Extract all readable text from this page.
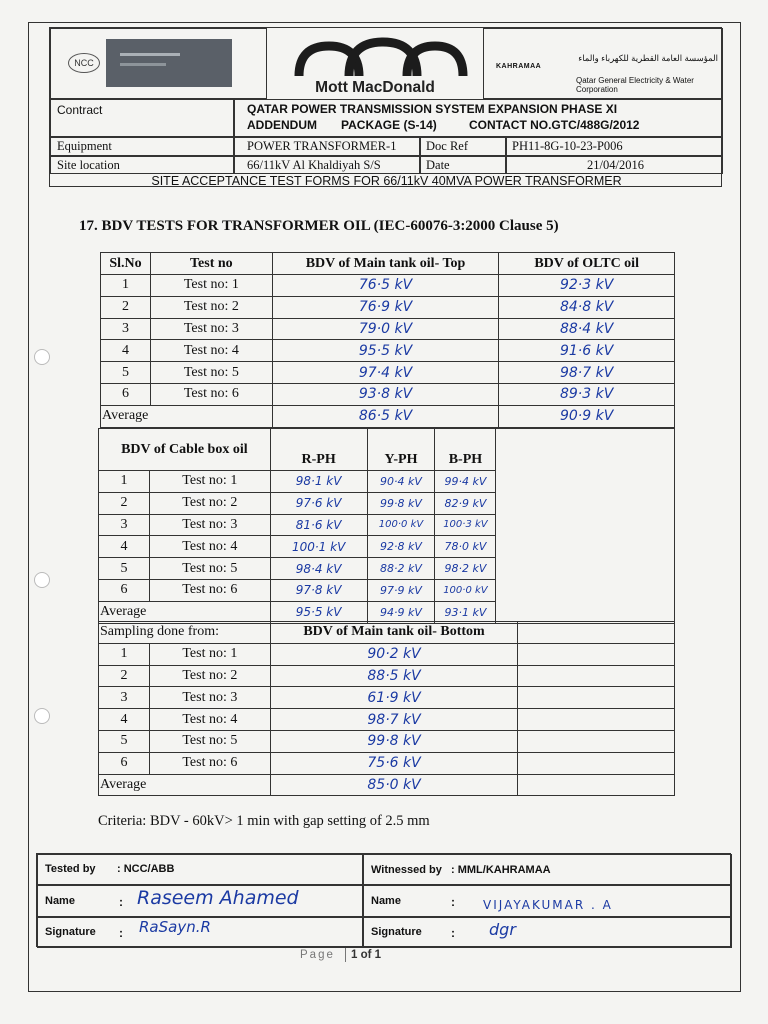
NCC
Mott MacDonald
KAHRAMAA
المؤسسة العامة القطرية للكهرباء والماء
Qatar General Electricity & Water Corporation
Contract	QATAR POWER TRANSMISSION SYSTEM EXPANSION PHASE XI
ADDENDUM PACKAGE (S-14)	CONTACT NO.GTC/488G/2012
Equipment	POWER TRANSFORMER-1 Doc Ref	PH11-8G-10-23-P006
Site location	66/11kV Al Khaldiyah S/S	Date	21/04/2016
SITE ACCEPTANCE TEST FORMS FOR 66/11kV 40MVA POWER TRANSFORMER
17. BDV TESTS FOR TRANSFORMER OIL (IEC-60076-3:2000 Clause 5)
Sl.No	Test no	BDV of Main tank oil- Top	BDV of OLTC oil
1	Test no: 1	76·5 kV	92·3 kV
2	Test no: 2	76·9 kV	84·8 kV
3	Test no: 3	79·0 kV	88·4 kV
4	Test no: 4	95·5 kV	91·6 kV
5	Test no: 5	97·4 kV	98·7 kV
6	Test no: 6	93·8 kV	89·3 kV
Average		86·5 kV	90·9 kV
BDV of Cable box oil		R-PH	Y-PH	B-PH	
1	Test no: 1	98·1 kV	90·4 kV	99·4 kV	
2	Test no: 2	97·6 kV	99·8 kV	82·9 kV	
3	Test no: 3	81·6 kV	100·0 kV	100·3 kV	
4	Test no: 4	100·1 kV	92·8 kV	78·0 kV	
5	Test no: 5	98·4 kV	88·2 kV	98·2 kV	
6	Test no: 6	97·8 kV	97·9 kV	100·0 kV	
Average		95·5 kV	94·9 kV	93·1 kV	
Sampling done from:		BDV of Main tank oil- Bottom	
1	Test no: 1	90·2 kV	
2	Test no: 2	88·5 kV	
3	Test no: 3	61·9 kV	
4	Test no: 4	98·7 kV	
5	Test no: 5	99·8 kV	
6	Test no: 6	75·6 kV	
Average		85·0 kV	
Criteria: BDV - 60kV> 1 min with gap setting of 2.5 mm
Tested by : NCC/ABB	Witnessed by : MML/KAHRAMAA
Name	: Raseem Ahamed	Name	: VIJAYAKUMAR . A
Signature : RaSayn.R	Signature : dgr
Page 1 of 1
